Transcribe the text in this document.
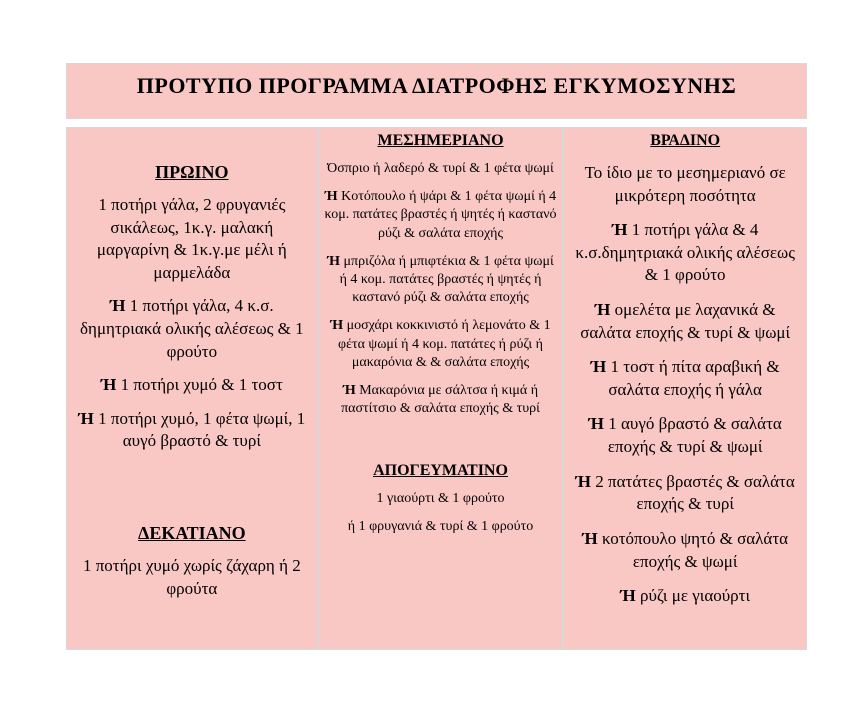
ΠΡΟΤΥΠΟ ΠΡΟΓΡΑΜΜΑ ΔΙΑΤΡΟΦΗΣ ΕΓΚΥΜΟΣΥΝΗΣ
ΠΡΩΙΝΟ

1 ποτήρι γάλα, 2 φρυγανιές σικάλεως, 1κ.γ. μαλακή μαργαρίνη & 1κ.γ.με μέλι ή μαρμελάδα

Ή 1 ποτήρι γάλα, 4 κ.σ. δημητριακά ολικής αλέσεως & 1 φρούτο

Ή 1 ποτήρι χυμό & 1 τοστ

Ή 1 ποτήρι χυμό, 1 φέτα ψωμί, 1 αυγό βραστό & τυρί

ΔΕΚΑΤΙΑΝΟ

1 ποτήρι χυμό χωρίς ζάχαρη ή 2 φρούτα

ΜΕΣΗΜΕΡΙΑΝΟ

Όσπριο ή λαδερό & τυρί & 1 φέτα ψωμί

Ή Κοτόπουλο ή ψάρι & 1 φέτα ψωμί ή 4 κομ. πατάτες βραστές ή ψητές ή καστανό ρύζι & σαλάτα εποχής

Ή μπριζόλα ή μπιφτέκια & 1 φέτα ψωμί ή 4 κομ. πατάτες βραστές ή ψητές ή καστανό ρύζι & σαλάτα εποχής

Ή μοσχάρι κοκκινιστό ή λεμονάτο & 1 φέτα ψωμί ή 4 κομ. πατάτες ή ρύζι ή μακαρόνια & & σαλάτα εποχής

Ή Μακαρόνια με σάλτσα ή κιμά ή παστίτσιο & σαλάτα εποχής & τυρί

ΑΠΟΓΕΥΜΑΤΙΝΟ

1 γιαούρτι & 1 φρούτο

ή 1 φρυγανιά & τυρί & 1 φρούτο

ΒΡΑΔΙΝΟ

Το ίδιο με το μεσημεριανό σε μικρότερη ποσότητα

Ή 1 ποτήρι γάλα & 4 κ.σ.δημητριακά ολικής αλέσεως & 1 φρούτο

Ή ομελέτα με λαχανικά & σαλάτα εποχής & τυρί & ψωμί

Ή 1 τοστ ή πίτα αραβική & σαλάτα εποχής ή γάλα

Ή 1 αυγό βραστό & σαλάτα εποχής & τυρί & ψωμί

Ή 2 πατάτες βραστές & σαλάτα εποχής & τυρί

Ή κοτόπουλο ψητό & σαλάτα εποχής & ψωμί

Ή ρύζι με γιαούρτι
